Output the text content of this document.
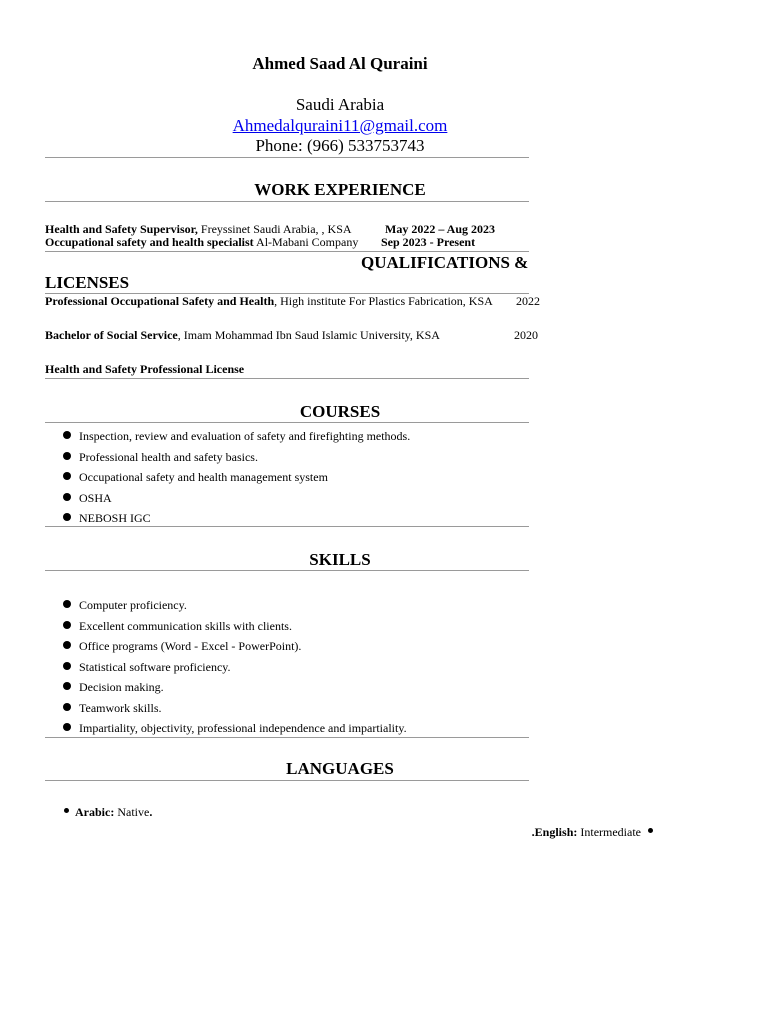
Ahmed Saad Al Quraini
Saudi Arabia
Ahmedalquraini11@gmail.com
Phone: (966) 533753743
WORK EXPERIENCE
Health and Safety Supervisor, Freyssinet Saudi Arabia, , KSA	May 2022 – Aug 2023
Occupational safety and health specialist Al-Mabani Company Sep 2023 - Present
QUALIFICATIONS &
LICENSES
Professional Occupational Safety and Health, High institute For Plastics Fabrication, KSA 2022
Bachelor of Social Service, Imam Mohammad Ibn Saud Islamic University, KSA	2020
Health and Safety Professional License
COURSES
Inspection, review and evaluation of safety and firefighting methods.
Professional health and safety basics.
Occupational safety and health management system
OSHA
NEBOSH IGC
SKILLS
Computer proficiency.
Excellent communication skills with clients.
Office programs (Word - Excel - PowerPoint).
Statistical software proficiency.
Decision making.
Teamwork skills.
Impartiality, objectivity, professional independence and impartiality.
LANGUAGES
Arabic: Native.
.English: Intermediate
